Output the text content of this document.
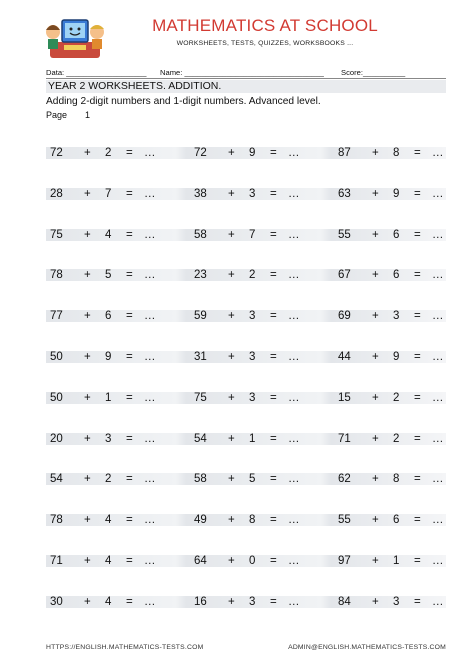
MATHEMATICS AT SCHOOL
WORKSHEETS, TESTS, QUIZZES, WORKSBOOKS ...
Data: ___________________ Name: _________________________________ Score:__________
YEAR 2 WORKSHEETS. ADDITION.
Adding 2-digit numbers and 1-digit numbers. Advanced level.
Page 1
72 + 2 = …	72 + 9 = …	87 + 8 = …
28 + 7 = …	38 + 3 = …	63 + 9 = …
75 + 4 = …	58 + 7 = …	55 + 6 = …
78 + 5 = …	23 + 2 = …	67 + 6 = …
77 + 6 = …	59 + 3 = …	69 + 3 = …
50 + 9 = …	31 + 3 = …	44 + 9 = …
50 + 1 = …	75 + 3 = …	15 + 2 = …
20 + 3 = …	54 + 1 = …	71 + 2 = …
54 + 2 = …	58 + 5 = …	62 + 8 = …
78 + 4 = …	49 + 8 = …	55 + 6 = …
71 + 4 = …	64 + 0 = …	97 + 1 = …
30 + 4 = …	16 + 3 = …	84 + 3 = …
HTTPS://ENGLISH.MATHEMATICS-TESTS.COM	ADMIN@ENGLISH.MATHEMATICS-TESTS.COM
